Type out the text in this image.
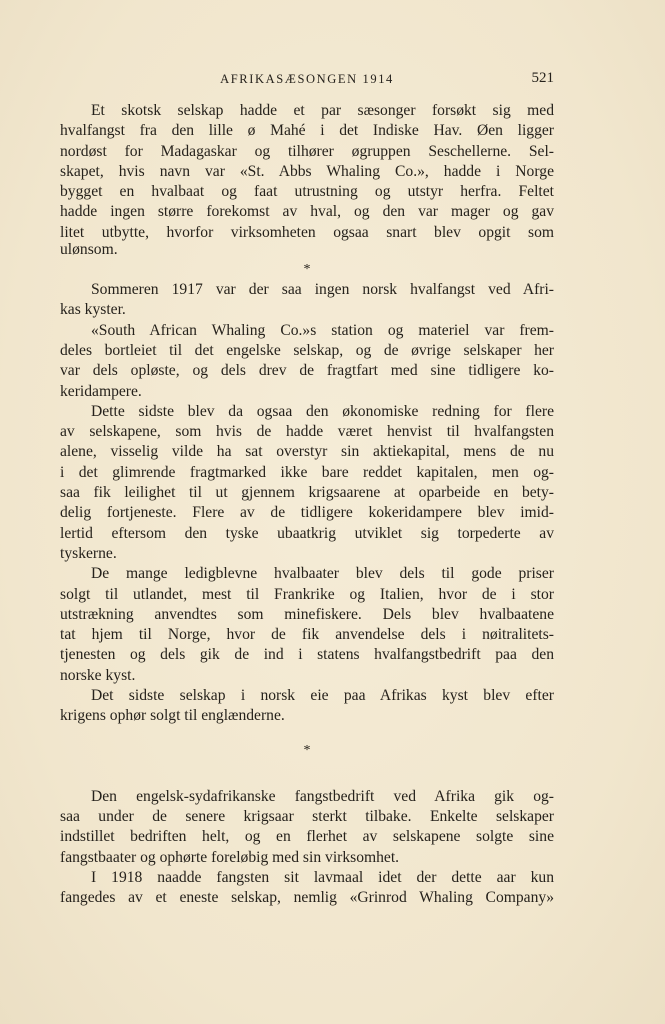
AFRIKASÆSONGEN 1914	521
Et skotsk selskap hadde et par sæsonger forsøkt sig med
hvalfangst fra den lille ø Mahé i det Indiske Hav. Øen ligger
nordøst for Madagaskar og tilhører øgruppen Seschellerne. Sel-
skapet, hvis navn var «St. Abbs Whaling Co.», hadde i Norge
bygget en hvalbaat og faat utrustning og utstyr herfra. Feltet
hadde ingen større forekomst av hval, og den var mager og gav
litet utbytte, hvorfor virksomheten ogsaa snart blev opgit som
ulønsom.
*
Sommeren 1917 var der saa ingen norsk hvalfangst ved Afri-
kas kyster.
«South African Whaling Co.»s station og materiel var frem-
deles bortleiet til det engelske selskap, og de øvrige selskaper her
var dels opløste, og dels drev de fragtfart med sine tidligere ko-
keridampere.
Dette sidste blev da ogsaa den økonomiske redning for flere
av selskapene, som hvis de hadde været henvist til hvalfangsten
alene, visselig vilde ha sat overstyr sin aktiekapital, mens de nu
i det glimrende fragtmarked ikke bare reddet kapitalen, men og-
saa fik leilighet til ut gjennem krigsaarene at oparbeide en bety-
delig fortjeneste. Flere av de tidligere kokeridampere blev imid-
lertid eftersom den tyske ubaatkrig utviklet sig torpederte av
tyskerne.
De mange ledigblevne hvalbaater blev dels til gode priser
solgt til utlandet, mest til Frankrike og Italien, hvor de i stor
utstrækning anvendtes som minefiskere. Dels blev hvalbaatene
tat hjem til Norge, hvor de fik anvendelse dels i nøitralitets-
tjenesten og dels gik de ind i statens hvalfangstbedrift paa den
norske kyst.
Det sidste selskap i norsk eie paa Afrikas kyst blev efter
krigens ophør solgt til englænderne.
*
Den engelsk-sydafrikanske fangstbedrift ved Afrika gik og-
saa under de senere krigsaar sterkt tilbake. Enkelte selskaper
indstillet bedriften helt, og en flerhet av selskapene solgte sine
fangstbaater og ophørte foreløbig med sin virksomhet.
I 1918 naadde fangsten sit lavmaal idet der dette aar kun
fangedes av et eneste selskap, nemlig «Grinrod Whaling Company»
